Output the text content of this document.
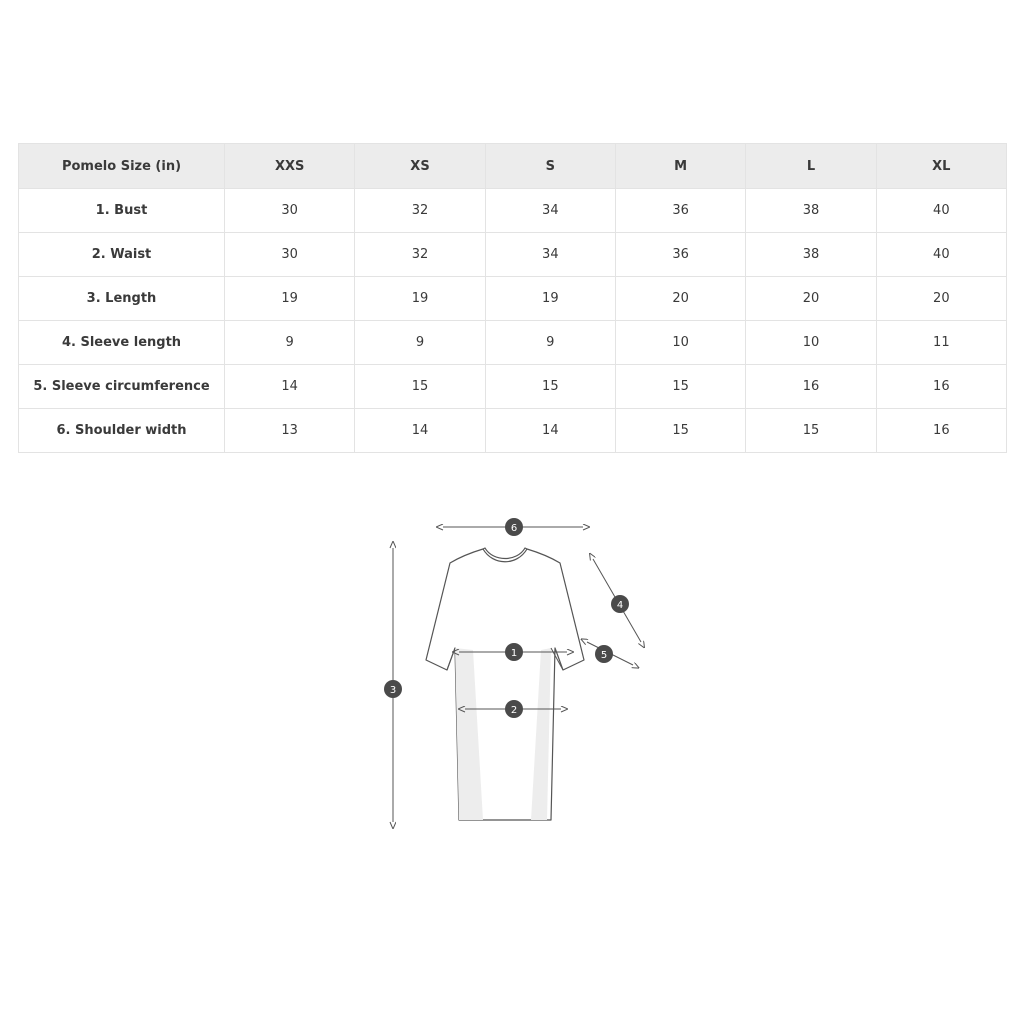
Pomelo Size (in)	XXS	XS	S	M	L	XL
1. Bust	30	32	34	36	38	40
2. Waist	30	32	34	36	38	40
3. Length	19	19	19	20	20	20
4. Sleeve length	9	9	9	10	10	11
5. Sleeve circumference	14	15	15	15	16	16
6. Shoulder width	13	14	14	15	15	16
1
2
3
4
5
6
